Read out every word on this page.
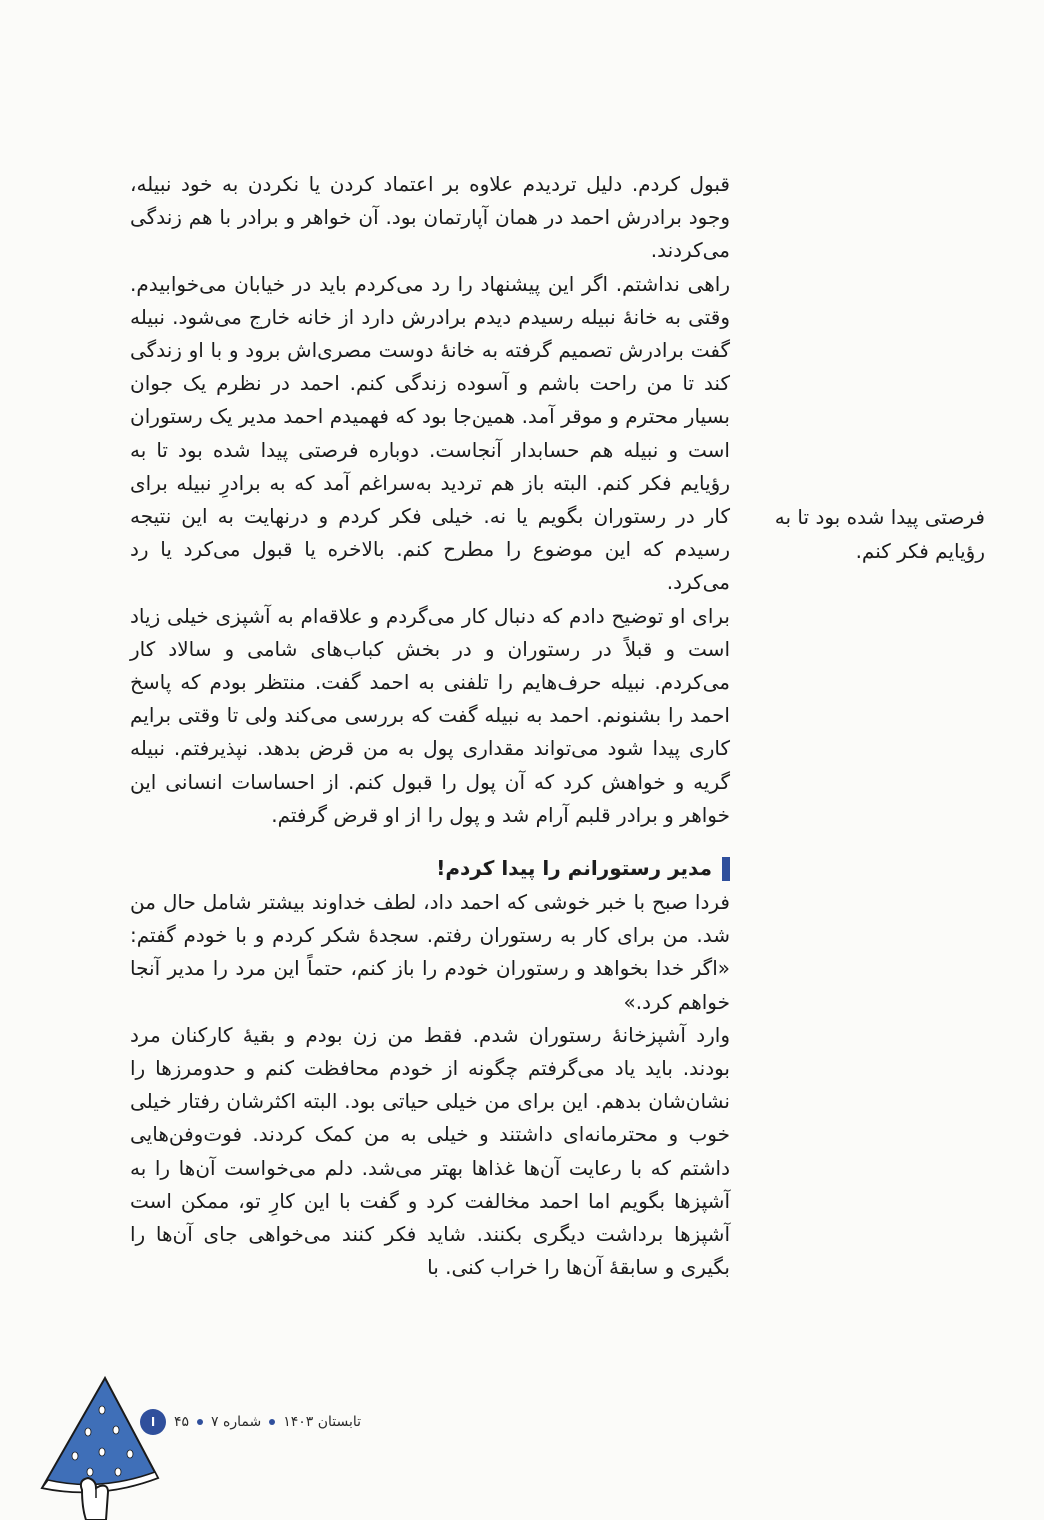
قبول کردم. دلیل تردیدم علاوه بر اعتماد کردن یا نکردن به خود نبیله، وجود برادرش احمد در همان آپارتمان بود. آن خواهر و برادر با هم زندگی می‌کردند.

راهی نداشتم. اگر این پیشنهاد را رد می‌کردم باید در خیابان می‌خوابیدم. وقتی به خانهٔ نبیله رسیدم دیدم برادرش دارد از خانه خارج می‌شود. نبیله گفت برادرش تصمیم گرفته به خانهٔ دوست مصری‌اش برود و با او زندگی کند تا من راحت باشم و آسوده زندگی کنم. احمد در نظرم یک جوان بسیار محترم و موقر آمد. همین‌جا بود که فهمیدم احمد مدیر یک رستوران است و نبیله هم حسابدار آنجاست. دوباره فرصتی پیدا شده بود تا به رؤیایم فکر کنم. البته باز هم تردید به‌سراغم آمد که به برادرِ نبیله برای کار در رستوران بگویم یا نه. خیلی فکر کردم و درنهایت به این نتیجه رسیدم که این موضوع را مطرح کنم. بالاخره یا قبول می‌کرد یا رد می‌کرد.

برای او توضیح دادم که دنبال کار می‌گردم و علاقه‌ام به آشپزی خیلی زیاد است و قبلاً در رستوران و در بخش کباب‌های شامی و سالاد کار می‌کردم. نبیله حرف‌هایم را تلفنی به احمد گفت. منتظر بودم که پاسخ احمد را بشنونم. احمد به نبیله گفت که بررسی می‌کند ولی تا وقتی برایم کاری پیدا شود می‌تواند مقداری پول به من قرض بدهد. نپذیرفتم. نبیله گریه و خواهش کرد که آن پول را قبول کنم. از احساسات انسانی این خواهر و برادر قلبم آرام شد و پول را از او قرض گرفتم.

مدیر رستورانم را پیدا کردم!

فردا صبح با خبر خوشی که احمد داد، لطف خداوند بیشتر شامل حال من شد. من برای کار به رستوران رفتم. سجدهٔ شکر کردم و با خودم گفتم: «اگر خدا بخواهد و رستوران خودم را باز کنم، حتماً این مرد را مدیر آنجا خواهم کرد.»

وارد آشپزخانهٔ رستوران شدم. فقط من زن بودم و بقیهٔ کارکنان مرد بودند. باید یاد می‌گرفتم چگونه از خودم محافظت کنم و حدومرزها را نشان‌شان بدهم. این برای من خیلی حیاتی بود. البته اکثرشان رفتار خیلی خوب و محترمانه‌ای داشتند و خیلی به من کمک کردند. فوت‌وفن‌هایی داشتم که با رعایت آن‌ها غذاها بهتر می‌شد. دلم می‌خواست آن‌ها را به آشپزها بگویم اما احمد مخالفت کرد و گفت با این کارِ تو، ممکن است آشپزها برداشت دیگری بکنند. شاید فکر کنند می‌خواهی جای آن‌ها را بگیری و سابقهٔ آن‌ها را خراب کنی. با

فرصتی پیدا شده بود تا به رؤیایم فکر کنم.
تابستان ۱۴۰۳
شماره ۷
۴۵
ا
